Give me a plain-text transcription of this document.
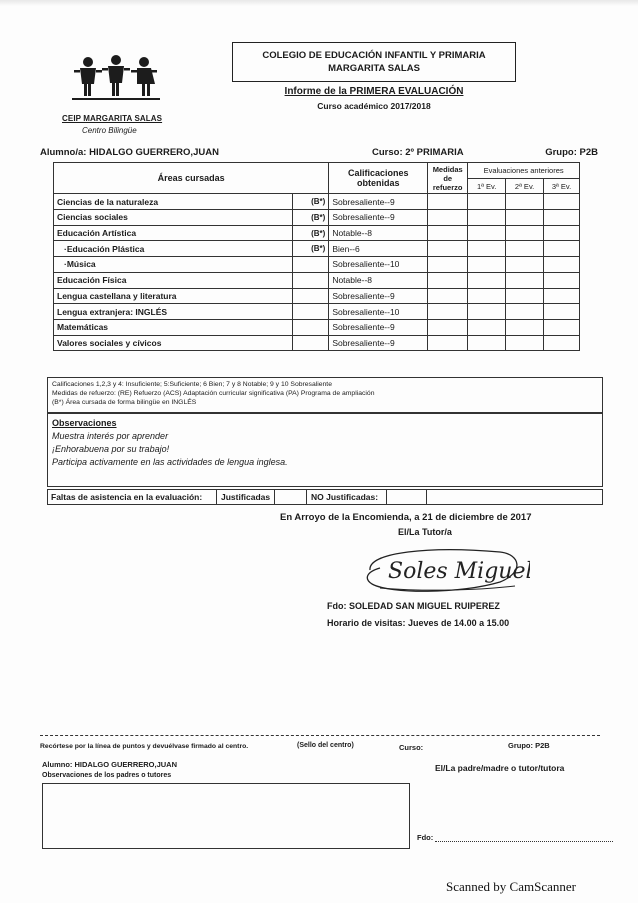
CEIP MARGARITA SALAS
Centro Bilingüe
COLEGIO DE EDUCACIÓN INFANTIL Y PRIMARIA
MARGARITA SALAS
Informe de la PRIMERA EVALUACIÓN
Curso académico 2017/2018
Alumno/a: HIDALGO GUERRERO,JUAN	Curso: 2º PRIMARIA	Grupo: P2B
Áreas cursadas		Calificaciones obtenidas	Medidas de refuerzo	Evaluaciones anteriores		
				1ª Ev.	2ª Ev.	3ª Ev.
Ciencias de la naturaleza	(B*)	Sobresaliente--9				
Ciencias sociales	(B*)	Sobresaliente--9				
Educación Artística	(B*)	Notable--8				
·Educación Plástica	(B*)	Bien--6				
·Música		Sobresaliente--10				
Educación Física		Notable--8				
Lengua castellana y literatura		Sobresaliente--9				
Lengua extranjera: INGLÉS		Sobresaliente--10				
Matemáticas		Sobresaliente--9				
Valores sociales y cívicos		Sobresaliente--9				
Calificaciones 1,2,3 y 4: Insuficiente; 5:Suficiente; 6 Bien; 7 y 8 Notable; 9 y 10 Sobresaliente
Medidas de refuerzo: (RE) Refuerzo (ACS) Adaptación curricular significativa (PA) Programa de ampliación
(B*) Área cursada de forma bilingüe en INGLÉS
Observaciones
Muestra interés por aprender
¡Enhorabuena por su trabajo!
Participa activamente en las actividades de lengua inglesa.
Faltas de asistencia en la evaluación: Justificadas	NO Justificadas:
En Arroyo de la Encomienda, a 21 de diciembre de 2017
El/La Tutor/a
Soles Miguel
Fdo: SOLEDAD SAN MIGUEL RUIPEREZ
Horario de visitas: Jueves de 14.00 a 15.00
Recórtese por la línea de puntos y devuélvase firmado al centro.	(Sello del centro)	Curso:	Grupo: P2B
Alumno: HIDALGO GUERRERO,JUAN
Observaciones de los padres o tutores
El/La padre/madre o tutor/tutora
Fdo:
Scanned by CamScanner
